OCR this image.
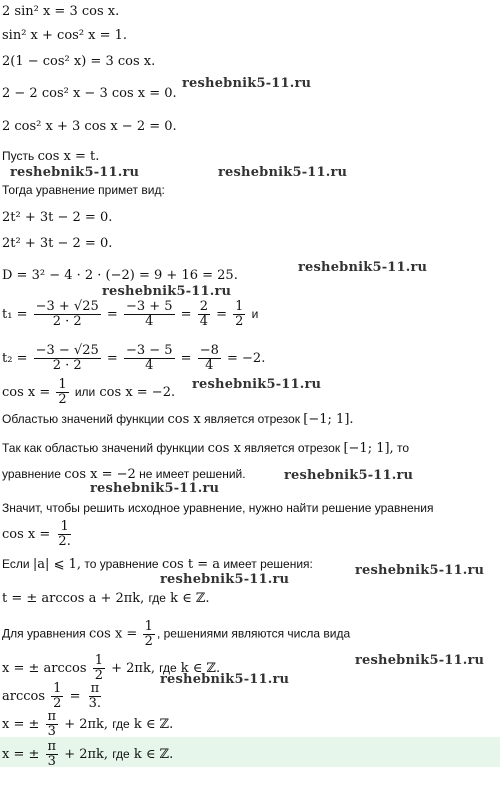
2 sin² x = 3 cos x.
sin² x + cos² x = 1.
2(1 − cos² x) = 3 cos x.
2 − 2 cos² x − 3 cos x = 0.
2 cos² x + 3 cos x − 2 = 0.
Пусть cos x = t.
Тогда уравнение примет вид:
2t² + 3t − 2 = 0.
2t² + 3t − 2 = 0.
D = 3² − 4 · 2 · (−2) = 9 + 16 = 25.
$t_1 = \frac{-3 + √25}{2 \cdot 2} = \frac{-3 + 5}{4} = \frac{2}{4} = \frac{1}{2}$ и
$t_2 = \frac{-3 - √25}{2 \cdot 2} = \frac{-3 - 5}{4} = \frac{-8}{4} = -2$.
$\cos x = \frac{1}{2}$ или cos x = −2.
Областью значений функции cos x является отрезок [−1; 1].
Так как областью значений функции cos x является отрезок [−1; 1], то
уравнение cos x = −2 не имеет решений.
Значит, чтобы решить исходное уравнение, нужно найти решение уравнения
$\cos x = \frac{1}{2.}$
Если |a| ⩽ 1, то уравнение cos t = a имеет решения:
t = ± arccos a + 2πk, где k ∈ ℤ.
Для уравнения $\cos x = \frac{1}{2}$ , решениями являются числа вида
x = ± $\arccos \frac{1}{2} + 2\pi k$, где k ∈ ℤ.
$\arccos \frac{1}{2} = \frac{\pi}{3.}$
x = ± $\frac{\pi}{3} + 2\pi k$, где k ∈ ℤ.
x = ± $\frac{\pi}{3} + 2\pi k$, где k ∈ ℤ.
reshebnik5-11.ru
reshebnik5-11.ru	reshebnik5-11.ru
reshebnik5-11.ru
reshebnik5-11.ru
reshebnik5-11.ru
reshebnik5-11.ru
reshebnik5-11.ru
reshebnik5-11.ru
reshebnik5-11.ru
reshebnik5-11.ru
reshebnik5-11.ru
